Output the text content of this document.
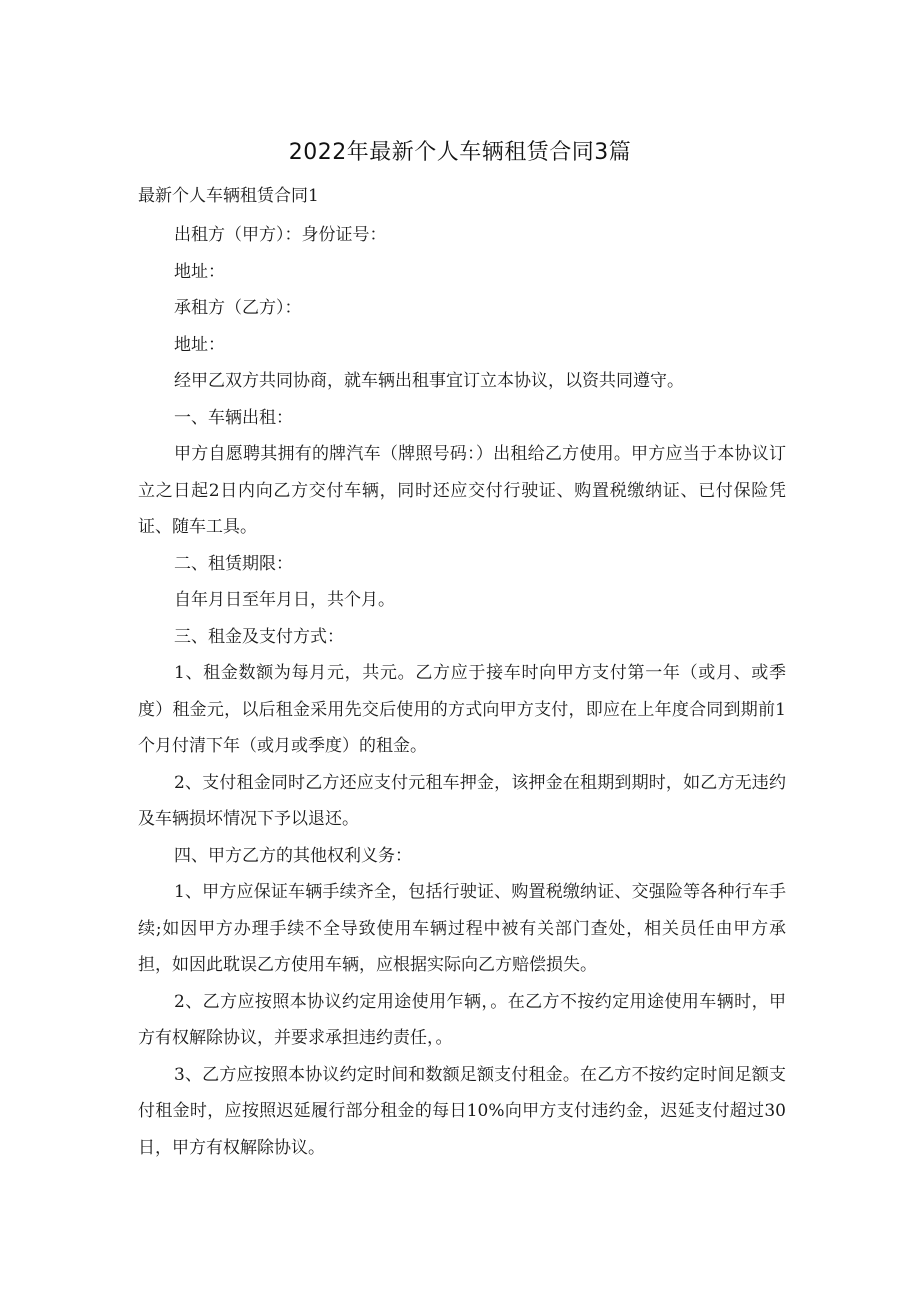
2022年最新个人车辆租赁合同3篇

最新个人车辆租赁合同1

出租方（甲方）：身份证号：

地址：

承租方（乙方）：

地址：

经甲乙双方共同协商，就车辆出租事宜订立本协议，以资共同遵守。

一、车辆出租：

甲方自愿聘其拥有的牌汽车（牌照号码：）出租给乙方使用。甲方应当于本协议订立之日起2日内向乙方交付车辆，同时还应交付行驶证、购置税缴纳证、已付保险凭证、随车工具。

二、租赁期限：

自年月日至年月日，共个月。

三、租金及支付方式：

1、租金数额为每月元，共元。乙方应于接车时向甲方支付第一年（或月、或季度）租金元，以后租金采用先交后使用的方式向甲方支付，即应在上年度合同到期前1个月付清下年（或月或季度）的租金。

2、支付租金同时乙方还应支付元租车押金，该押金在租期到期时，如乙方无违约及车辆损坏情况下予以退还。

四、甲方乙方的其他权利义务：

1、甲方应保证车辆手续齐全，包括行驶证、购置税缴纳证、交强险等各种行车手续;如因甲方办理手续不全导致使用车辆过程中被有关部门查处，相关员任由甲方承担，如因此耽误乙方使用车辆，应根据实际向乙方赔偿损失。

2、乙方应按照本协议约定用途使用乍辆，。在乙方不按约定用途使用车辆时，甲方有权解除协议，并要求承担违约责任，。

3、乙方应按照本协议约定时间和数额足额支付租金。在乙方不按约定时间足额支付租金时，应按照迟延履行部分租金的每日10%向甲方支付违约金，迟延支付超过30日，甲方有权解除协议。
